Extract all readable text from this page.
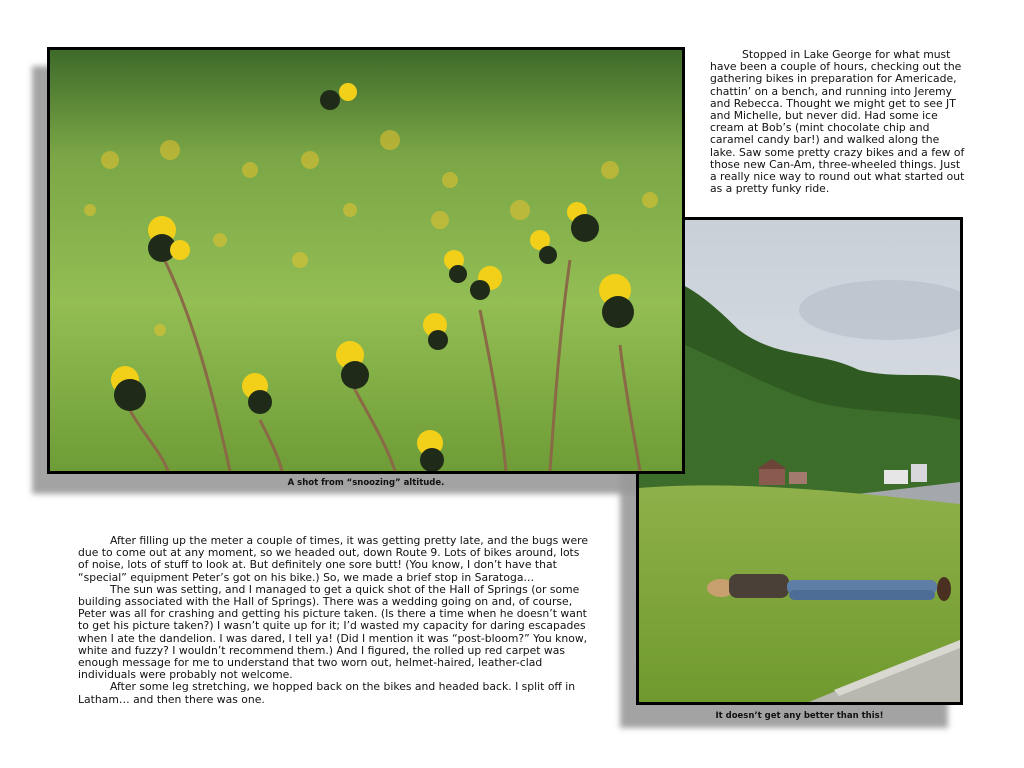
A shot from “snoozing” altitude.
It doesn’t get any better than this!

Stopped in Lake George for what must have been a couple of hours, checking out the gathering bikes in preparation for Americade, chattin’ on a bench, and running into Jeremy and Rebecca. Thought we might get to see JT and Michelle, but never did. Had some ice cream at Bob’s (mint chocolate chip and caramel candy bar!) and walked along the lake. Saw some pretty crazy bikes and a few of those new Can-Am, three-wheeled things. Just a really nice way to round out what started out as a pretty funky ride.

After filling up the meter a couple of times, it was getting pretty late, and the bugs were due to come out at any moment, so we headed out, down Route 9. Lots of bikes around, lots of noise, lots of stuff to look at. But definitely one sore butt! (You know, I don’t have that “special” equipment Peter’s got on his bike.) So, we made a brief stop in Saratoga…

The sun was setting, and I managed to get a quick shot of the Hall of Springs (or some building associated with the Hall of Springs). There was a wedding going on and, of course, Peter was all for crashing and getting his picture taken. (Is there a time when he doesn’t want to get his picture taken?) I wasn’t quite up for it; I’d wasted my capacity for daring escapades when I ate the dandelion. I was dared, I tell ya! (Did I mention it was “post-bloom?” You know, white and fuzzy? I wouldn’t recommend them.) And I figured, the rolled up red carpet was enough message for me to understand that two worn out, helmet-haired, leather-clad individuals were probably not welcome.

After some leg stretching, we hopped back on the bikes and headed back. I split off in Latham… and then there was one.
